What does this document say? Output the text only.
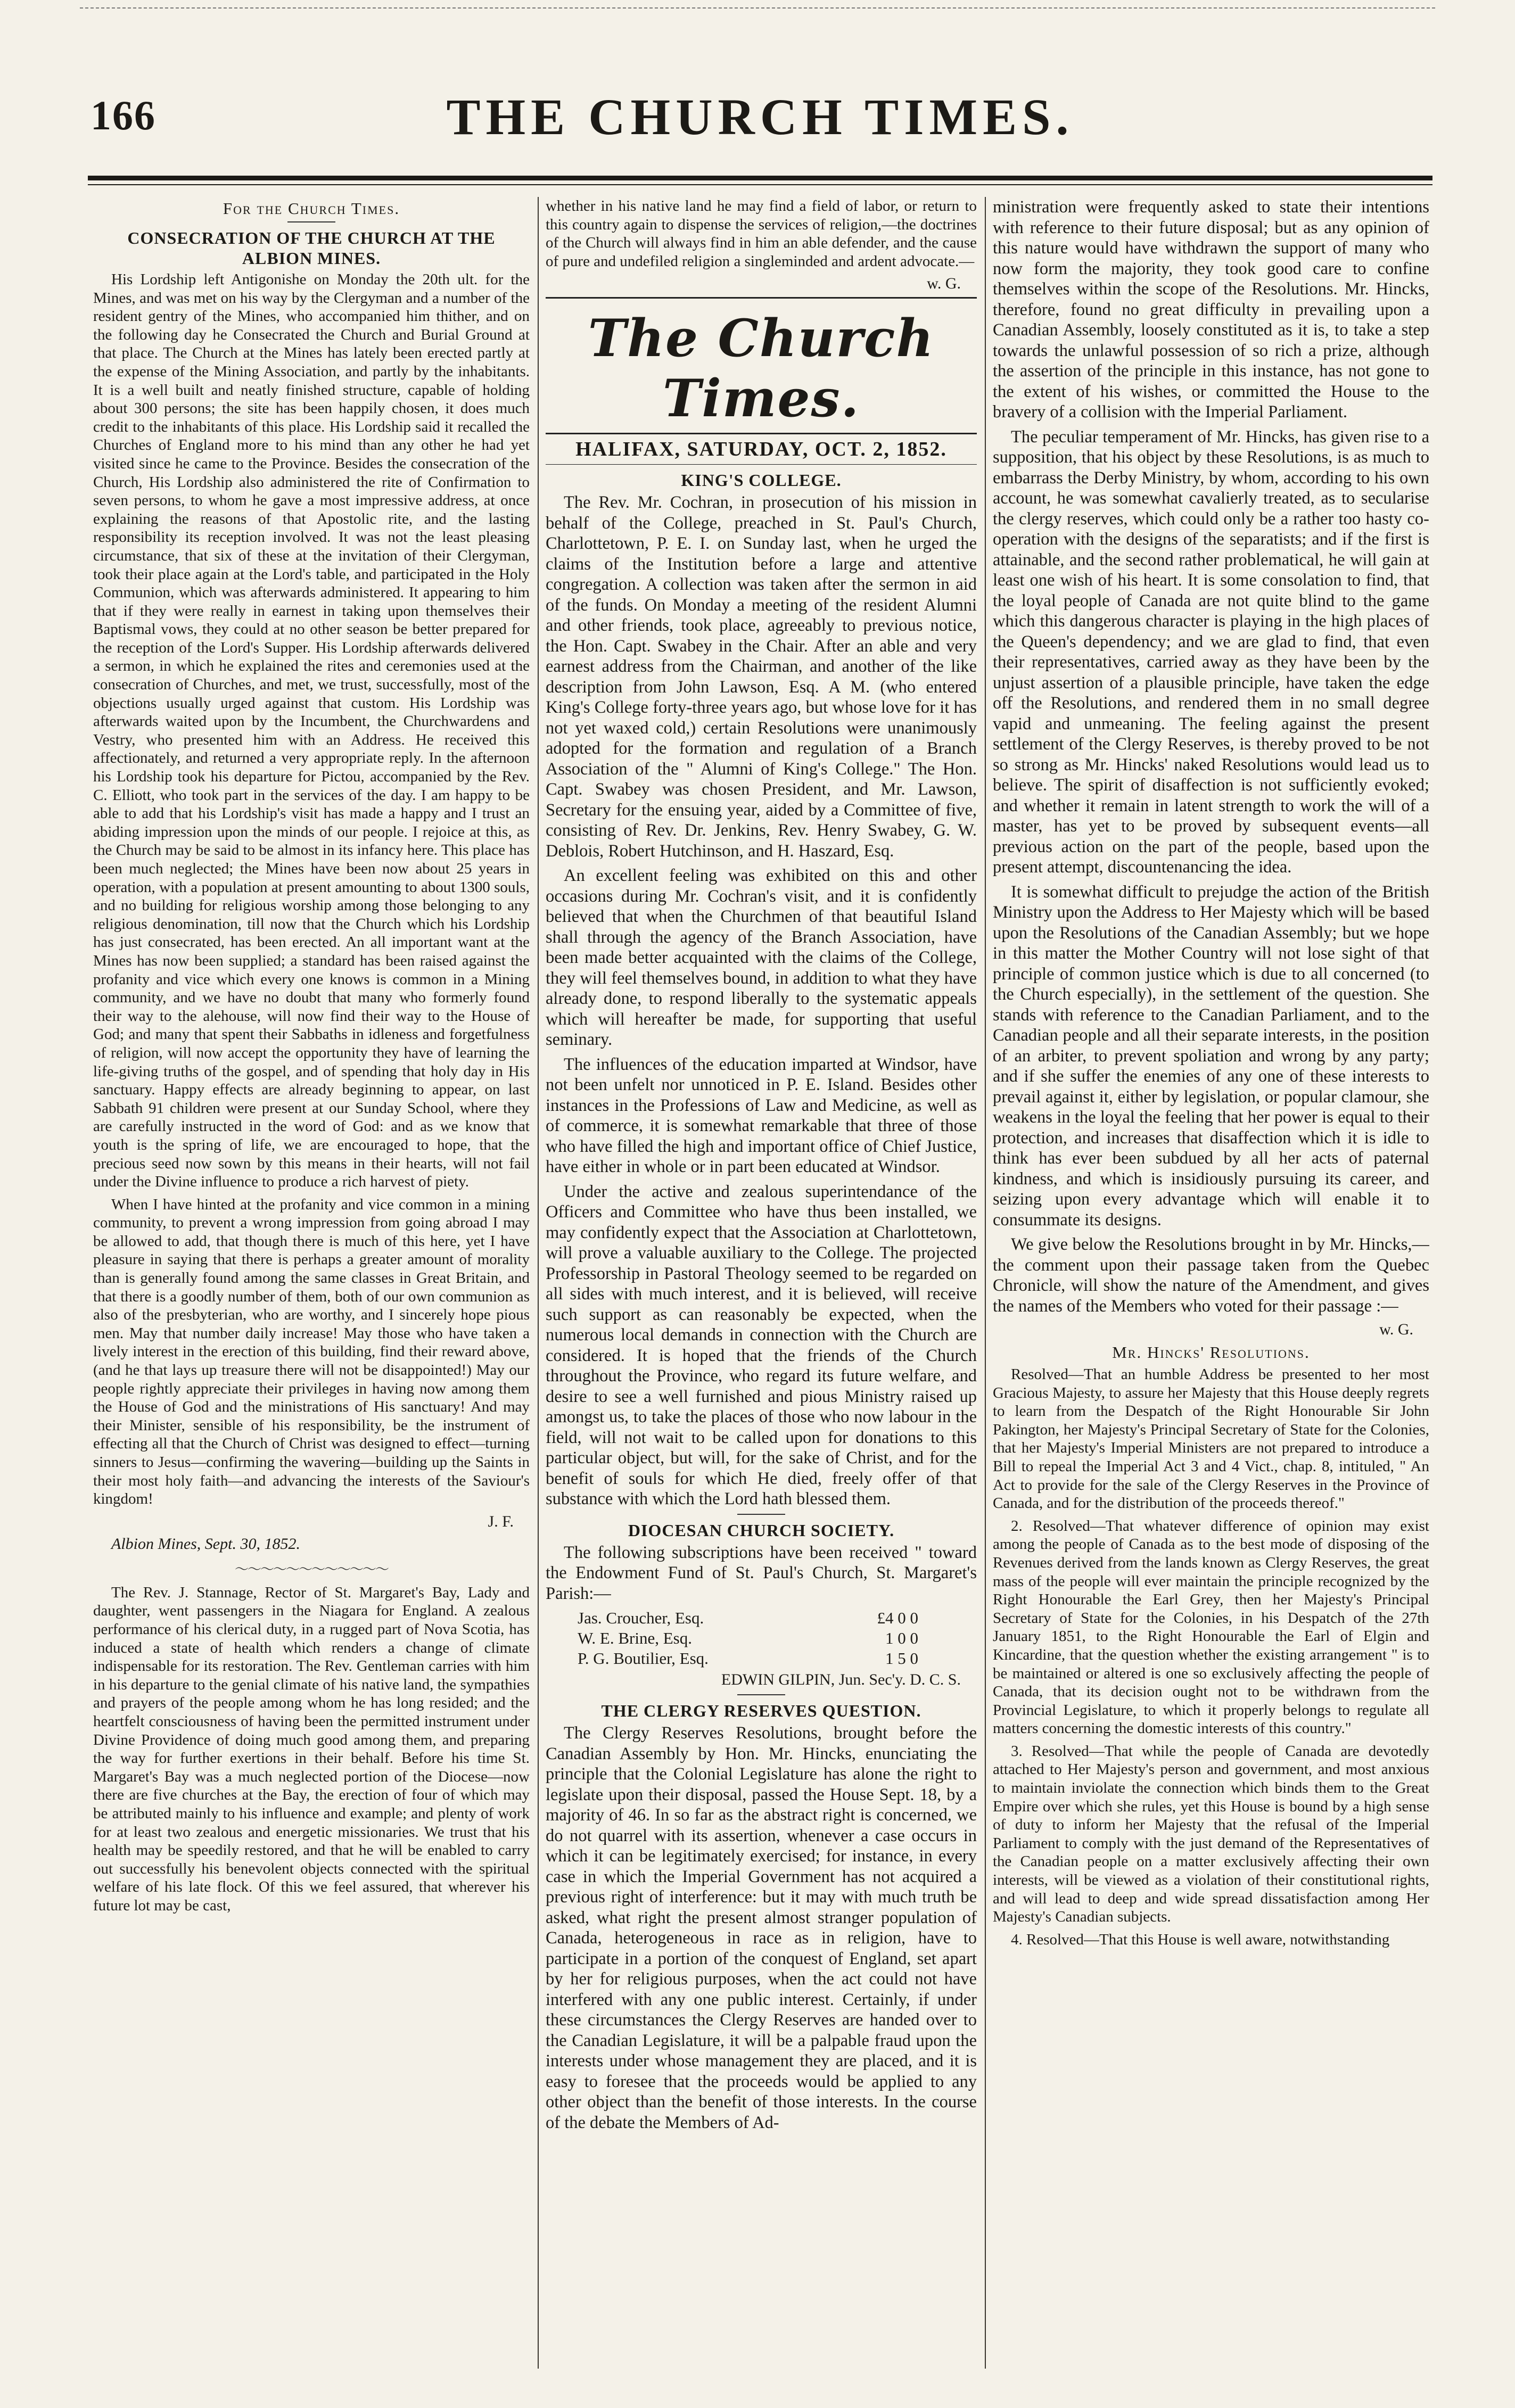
166	THE CHURCH TIMES.
For the Church Times.
CONSECRATION OF THE CHURCH AT THE ALBION MINES.

His Lordship left Antigonishe on Monday the 20th ult. for the Mines, and was met on his way by the Clergyman and a number of the resident gentry of the Mines, who accompanied him thither, and on the following day he Consecrated the Church and Burial Ground at that place. The Church at the Mines has lately been erected partly at the expense of the Mining Association, and partly by the inhabitants. It is a well built and neatly finished structure, capable of holding about 300 persons; the site has been happily chosen, it does much credit to the inhabitants of this place. His Lordship said it recalled the Churches of England more to his mind than any other he had yet visited since he came to the Province. Besides the consecration of the Church, His Lordship also administered the rite of Confirmation to seven persons, to whom he gave a most impressive address, at once explaining the reasons of that Apostolic rite, and the lasting responsibility its reception involved. It was not the least pleasing circumstance, that six of these at the invitation of their Clergyman, took their place again at the Lord's table, and participated in the Holy Communion, which was afterwards administered. It appearing to him that if they were really in earnest in taking upon themselves their Baptismal vows, they could at no other season be better prepared for the reception of the Lord's Supper. His Lordship afterwards delivered a sermon, in which he explained the rites and ceremonies used at the consecration of Churches, and met, we trust, successfully, most of the objections usually urged against that custom. His Lordship was afterwards waited upon by the Incumbent, the Churchwardens and Vestry, who presented him with an Address. He received this affectionately, and returned a very appropriate reply. In the afternoon his Lordship took his departure for Pictou, accompanied by the Rev. C. Elliott, who took part in the services of the day. I am happy to be able to add that his Lordship's visit has made a happy and I trust an abiding impression upon the minds of our people. I rejoice at this, as the Church may be said to be almost in its infancy here. This place has been much neglected; the Mines have been now about 25 years in operation, with a population at present amounting to about 1300 souls, and no building for religious worship among those belonging to any religious denomination, till now that the Church which his Lordship has just consecrated, has been erected. An all important want at the Mines has now been supplied; a standard has been raised against the profanity and vice which every one knows is common in a Mining community, and we have no doubt that many who formerly found their way to the alehouse, will now find their way to the House of God; and many that spent their Sabbaths in idleness and forgetfulness of religion, will now accept the opportunity they have of learning the life-giving truths of the gospel, and of spending that holy day in His sanctuary. Happy effects are already beginning to appear, on last Sabbath 91 children were present at our Sunday School, where they are carefully instructed in the word of God: and as we know that youth is the spring of life, we are encouraged to hope, that the precious seed now sown by this means in their hearts, will not fail under the Divine influence to produce a rich harvest of piety.

When I have hinted at the profanity and vice common in a mining community, to prevent a wrong impression from going abroad I may be allowed to add, that though there is much of this here, yet I have pleasure in saying that there is perhaps a greater amount of morality than is generally found among the same classes in Great Britain, and that there is a goodly number of them, both of our own communion as also of the presbyterian, who are worthy, and I sincerely hope pious men. May that number daily increase! May those who have taken a lively interest in the erection of this building, find their reward above, (and he that lays up treasure there will not be disappointed!) May our people rightly appreciate their privileges in having now among them the House of God and the ministrations of His sanctuary! And may their Minister, sensible of his responsibility, be the instrument of effecting all that the Church of Christ was designed to effect—turning sinners to Jesus—confirming the wavering—building up the Saints in their most holy faith—and advancing the interests of the Saviour's kingdom!

J. F.
Albion Mines, Sept. 30, 1852.
〜〜〜〜〜〜〜〜〜〜〜〜

The Rev. J. Stannage, Rector of St. Margaret's Bay, Lady and daughter, went passengers in the Niagara for England. A zealous performance of his clerical duty, in a rugged part of Nova Scotia, has induced a state of health which renders a change of climate indispensable for its restoration. The Rev. Gentleman carries with him in his departure to the genial climate of his native land, the sympathies and prayers of the people among whom he has long resided; and the heartfelt consciousness of having been the permitted instrument under Divine Providence of doing much good among them, and preparing the way for further exertions in their behalf. Before his time St. Margaret's Bay was a much neglected portion of the Diocese—now there are five churches at the Bay, the erection of four of which may be attributed mainly to his influence and example; and plenty of work for at least two zealous and energetic missionaries. We trust that his health may be speedily restored, and that he will be enabled to carry out successfully his benevolent objects connected with the spiritual welfare of his late flock. Of this we feel assured, that wherever his future lot may be cast,

whether in his native land he may find a field of labor, or return to this country again to dispense the services of religion,—the doctrines of the Church will always find in him an able defender, and the cause of pure and undefiled religion a singleminded and ardent advocate.—

w. G.
The Church Times.
HALIFAX, SATURDAY, OCT. 2, 1852.
KING'S COLLEGE.

The Rev. Mr. Cochran, in prosecution of his mission in behalf of the College, preached in St. Paul's Church, Charlottetown, P. E. I. on Sunday last, when he urged the claims of the Institution before a large and attentive congregation. A collection was taken after the sermon in aid of the funds. On Monday a meeting of the resident Alumni and other friends, took place, agreeably to previous notice, the Hon. Capt. Swabey in the Chair. After an able and very earnest address from the Chairman, and another of the like description from John Lawson, Esq. A M. (who entered King's College forty-three years ago, but whose love for it has not yet waxed cold,) certain Resolutions were unanimously adopted for the formation and regulation of a Branch Association of the " Alumni of King's College." The Hon. Capt. Swabey was chosen President, and Mr. Lawson, Secretary for the ensuing year, aided by a Committee of five, consisting of Rev. Dr. Jenkins, Rev. Henry Swabey, G. W. Deblois, Robert Hutchinson, and H. Haszard, Esq.

An excellent feeling was exhibited on this and other occasions during Mr. Cochran's visit, and it is confidently believed that when the Churchmen of that beautiful Island shall through the agency of the Branch Association, have been made better acquainted with the claims of the College, they will feel themselves bound, in addition to what they have already done, to respond liberally to the systematic appeals which will hereafter be made, for supporting that useful seminary.

The influences of the education imparted at Windsor, have not been unfelt nor unnoticed in P. E. Island. Besides other instances in the Professions of Law and Medicine, as well as of commerce, it is somewhat remarkable that three of those who have filled the high and important office of Chief Justice, have either in whole or in part been educated at Windsor.

Under the active and zealous superintendance of the Officers and Committee who have thus been installed, we may confidently expect that the Association at Charlottetown, will prove a valuable auxiliary to the College. The projected Professorship in Pastoral Theology seemed to be regarded on all sides with much interest, and it is believed, will receive such support as can reasonably be expected, when the numerous local demands in connection with the Church are considered. It is hoped that the friends of the Church throughout the Province, who regard its future welfare, and desire to see a well furnished and pious Ministry raised up amongst us, to take the places of those who now labour in the field, will not wait to be called upon for donations to this particular object, but will, for the sake of Christ, and for the benefit of souls for which He died, freely offer of that substance with which the Lord hath blessed them.

DIOCESAN CHURCH SOCIETY.

The following subscriptions have been received " toward the Endowment Fund of St. Paul's Church, St. Margaret's Parish:—

Jas. Croucher, Esq.	£4 0 0
W. E. Brine, Esq.	1 0 0
P. G. Boutilier, Esq.	1 5 0
EDWIN GILPIN, Jun. Sec'y. D. C. S.
THE CLERGY RESERVES QUESTION.

The Clergy Reserves Resolutions, brought before the Canadian Assembly by Hon. Mr. Hincks, enunciating the principle that the Colonial Legislature has alone the right to legislate upon their disposal, passed the House Sept. 18, by a majority of 46. In so far as the abstract right is concerned, we do not quarrel with its assertion, whenever a case occurs in which it can be legitimately exercised; for instance, in every case in which the Imperial Government has not acquired a previous right of interference: but it may with much truth be asked, what right the present almost stranger population of Canada, heterogeneous in race as in religion, have to participate in a portion of the conquest of England, set apart by her for religious purposes, when the act could not have interfered with any one public interest. Certainly, if under these circumstances the Clergy Reserves are handed over to the Canadian Legislature, it will be a palpable fraud upon the interests under whose management they are placed, and it is easy to foresee that the proceeds would be applied to any other object than the benefit of those interests. In the course of the debate the Members of Ad-

ministration were frequently asked to state their intentions with reference to their future disposal; but as any opinion of this nature would have withdrawn the support of many who now form the majority, they took good care to confine themselves within the scope of the Resolutions. Mr. Hincks, therefore, found no great difficulty in prevailing upon a Canadian Assembly, loosely constituted as it is, to take a step towards the unlawful possession of so rich a prize, although the assertion of the principle in this instance, has not gone to the extent of his wishes, or committed the House to the bravery of a collision with the Imperial Parliament.

The peculiar temperament of Mr. Hincks, has given rise to a supposition, that his object by these Resolutions, is as much to embarrass the Derby Ministry, by whom, according to his own account, he was somewhat cavalierly treated, as to secularise the clergy reserves, which could only be a rather too hasty co-operation with the designs of the separatists; and if the first is attainable, and the second rather problematical, he will gain at least one wish of his heart. It is some consolation to find, that the loyal people of Canada are not quite blind to the game which this dangerous character is playing in the high places of the Queen's dependency; and we are glad to find, that even their representatives, carried away as they have been by the unjust assertion of a plausible principle, have taken the edge off the Resolutions, and rendered them in no small degree vapid and unmeaning. The feeling against the present settlement of the Clergy Reserves, is thereby proved to be not so strong as Mr. Hincks' naked Resolutions would lead us to believe. The spirit of disaffection is not sufficiently evoked; and whether it remain in latent strength to work the will of a master, has yet to be proved by subsequent events—all previous action on the part of the people, based upon the present attempt, discountenancing the idea.

It is somewhat difficult to prejudge the action of the British Ministry upon the Address to Her Majesty which will be based upon the Resolutions of the Canadian Assembly; but we hope in this matter the Mother Country will not lose sight of that principle of common justice which is due to all concerned (to the Church especially), in the settlement of the question. She stands with reference to the Canadian Parliament, and to the Canadian people and all their separate interests, in the position of an arbiter, to prevent spoliation and wrong by any party; and if she suffer the enemies of any one of these interests to prevail against it, either by legislation, or popular clamour, she weakens in the loyal the feeling that her power is equal to their protection, and increases that disaffection which it is idle to think has ever been subdued by all her acts of paternal kindness, and which is insidiously pursuing its career, and seizing upon every advantage which will enable it to consummate its designs.

We give below the Resolutions brought in by Mr. Hincks,—the comment upon their passage taken from the Quebec Chronicle, will show the nature of the Amendment, and gives the names of the Members who voted for their passage :—

w. G.
Mr. Hincks' Resolutions.

Resolved—That an humble Address be presented to her most Gracious Majesty, to assure her Majesty that this House deeply regrets to learn from the Despatch of the Right Honourable Sir John Pakington, her Majesty's Principal Secretary of State for the Colonies, that her Majesty's Imperial Ministers are not prepared to introduce a Bill to repeal the Imperial Act 3 and 4 Vict., chap. 8, intituled, " An Act to provide for the sale of the Clergy Reserves in the Province of Canada, and for the distribution of the proceeds thereof."

2. Resolved—That whatever difference of opinion may exist among the people of Canada as to the best mode of disposing of the Revenues derived from the lands known as Clergy Reserves, the great mass of the people will ever maintain the principle recognized by the Right Honourable the Earl Grey, then her Majesty's Principal Secretary of State for the Colonies, in his Despatch of the 27th January 1851, to the Right Honourable the Earl of Elgin and Kincardine, that the question whether the existing arrangement " is to be maintained or altered is one so exclusively affecting the people of Canada, that its decision ought not to be withdrawn from the Provincial Legislature, to which it properly belongs to regulate all matters concerning the domestic interests of this country."

3. Resolved—That while the people of Canada are devotedly attached to Her Majesty's person and government, and most anxious to maintain inviolate the connection which binds them to the Great Empire over which she rules, yet this House is bound by a high sense of duty to inform her Majesty that the refusal of the Imperial Parliament to comply with the just demand of the Representatives of the Canadian people on a matter exclusively affecting their own interests, will be viewed as a violation of their constitutional rights, and will lead to deep and wide spread dissatisfaction among Her Majesty's Canadian subjects.

4. Resolved—That this House is well aware, notwithstanding
